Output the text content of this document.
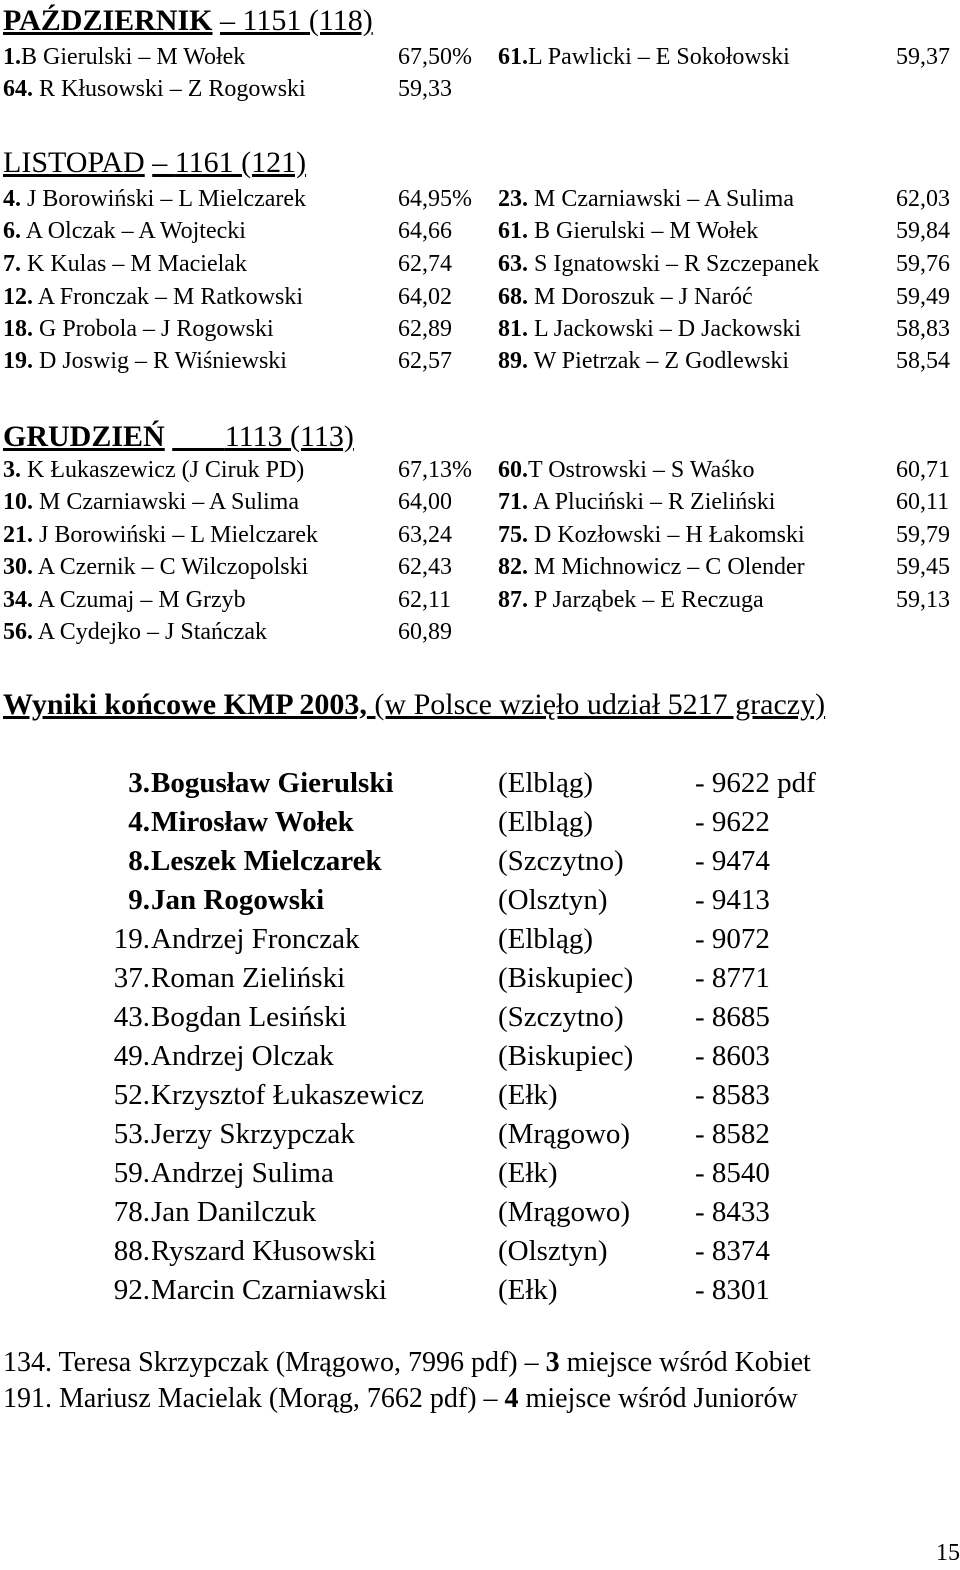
PAŹDZIERNIK – 1151 (118)
1.B Gierulski – M Wołek	67,50% 61.L Pawlicki – E Sokołowski	59,37
64. R Kłusowski – Z Rogowski	59,33
LISTOPAD – 1161 (121)
4. J Borowiński – L Mielczarek	64,95% 23. M Czarniawski – A Sulima	62,03
6. A Olczak – A Wojtecki	64,66 61. B Gierulski – M Wołek	59,84
7. K Kulas – M Macielak	62,74 63. S Ignatowski – R Szczepanek	59,76
12. A Fronczak – M Ratkowski	64,02 68. M Doroszuk – J Naróć	59,49
18. G Probola – J Rogowski	62,89 81. L Jackowski – D Jackowski	58,83
19. D Joswig – R Wiśniewski	62,57 89. W Pietrzak – Z Godlewski	58,54
GRUDZIEŃ 1113 (113)
3. K Łukaszewicz (J Ciruk PD)	67,13% 60.T Ostrowski – S Waśko	60,71
10. M Czarniawski – A Sulima	64,00 71. A Pluciński – R Zieliński	60,11
21. J Borowiński – L Mielczarek	63,24 75. D Kozłowski – H Łakomski	59,79
30. A Czernik – C Wilczopolski	62,43 82. M Michnowicz – C Olender	59,45
34. A Czumaj – M Grzyb	62,11 87. P Jarząbek – E Reczuga	59,13
56. A Cydejko – J Stańczak	60,89
Wyniki końcowe KMP 2003, (w Polsce wzięło udział 5217 graczy)
3. Bogusław Gierulski	(Elbląg)	- 9622 pdf
4. Mirosław Wołek	(Elbląg)	- 9622
8. Leszek Mielczarek	(Szczytno) - 9474
9. Jan Rogowski	(Olsztyn)	- 9413
19. Andrzej Fronczak	(Elbląg)	- 9072
37. Roman Zieliński	(Biskupiec) - 8771
43. Bogdan Lesiński	(Szczytno) - 8685
49. Andrzej Olczak	(Biskupiec) - 8603
52. Krzysztof Łukaszewicz	(Ełk)	- 8583
53. Jerzy Skrzypczak	(Mrągowo) - 8582
59. Andrzej Sulima	(Ełk)	- 8540
78. Jan Danilczuk	(Mrągowo) - 8433
88. Ryszard Kłusowski	(Olsztyn)	- 8374
92. Marcin Czarniawski	(Ełk)	- 8301
134. Teresa Skrzypczak (Mrągowo, 7996 pdf) – 3 miejsce wśród Kobiet
191. Mariusz Macielak (Morąg, 7662 pdf) – 4 miejsce wśród Juniorów
15
